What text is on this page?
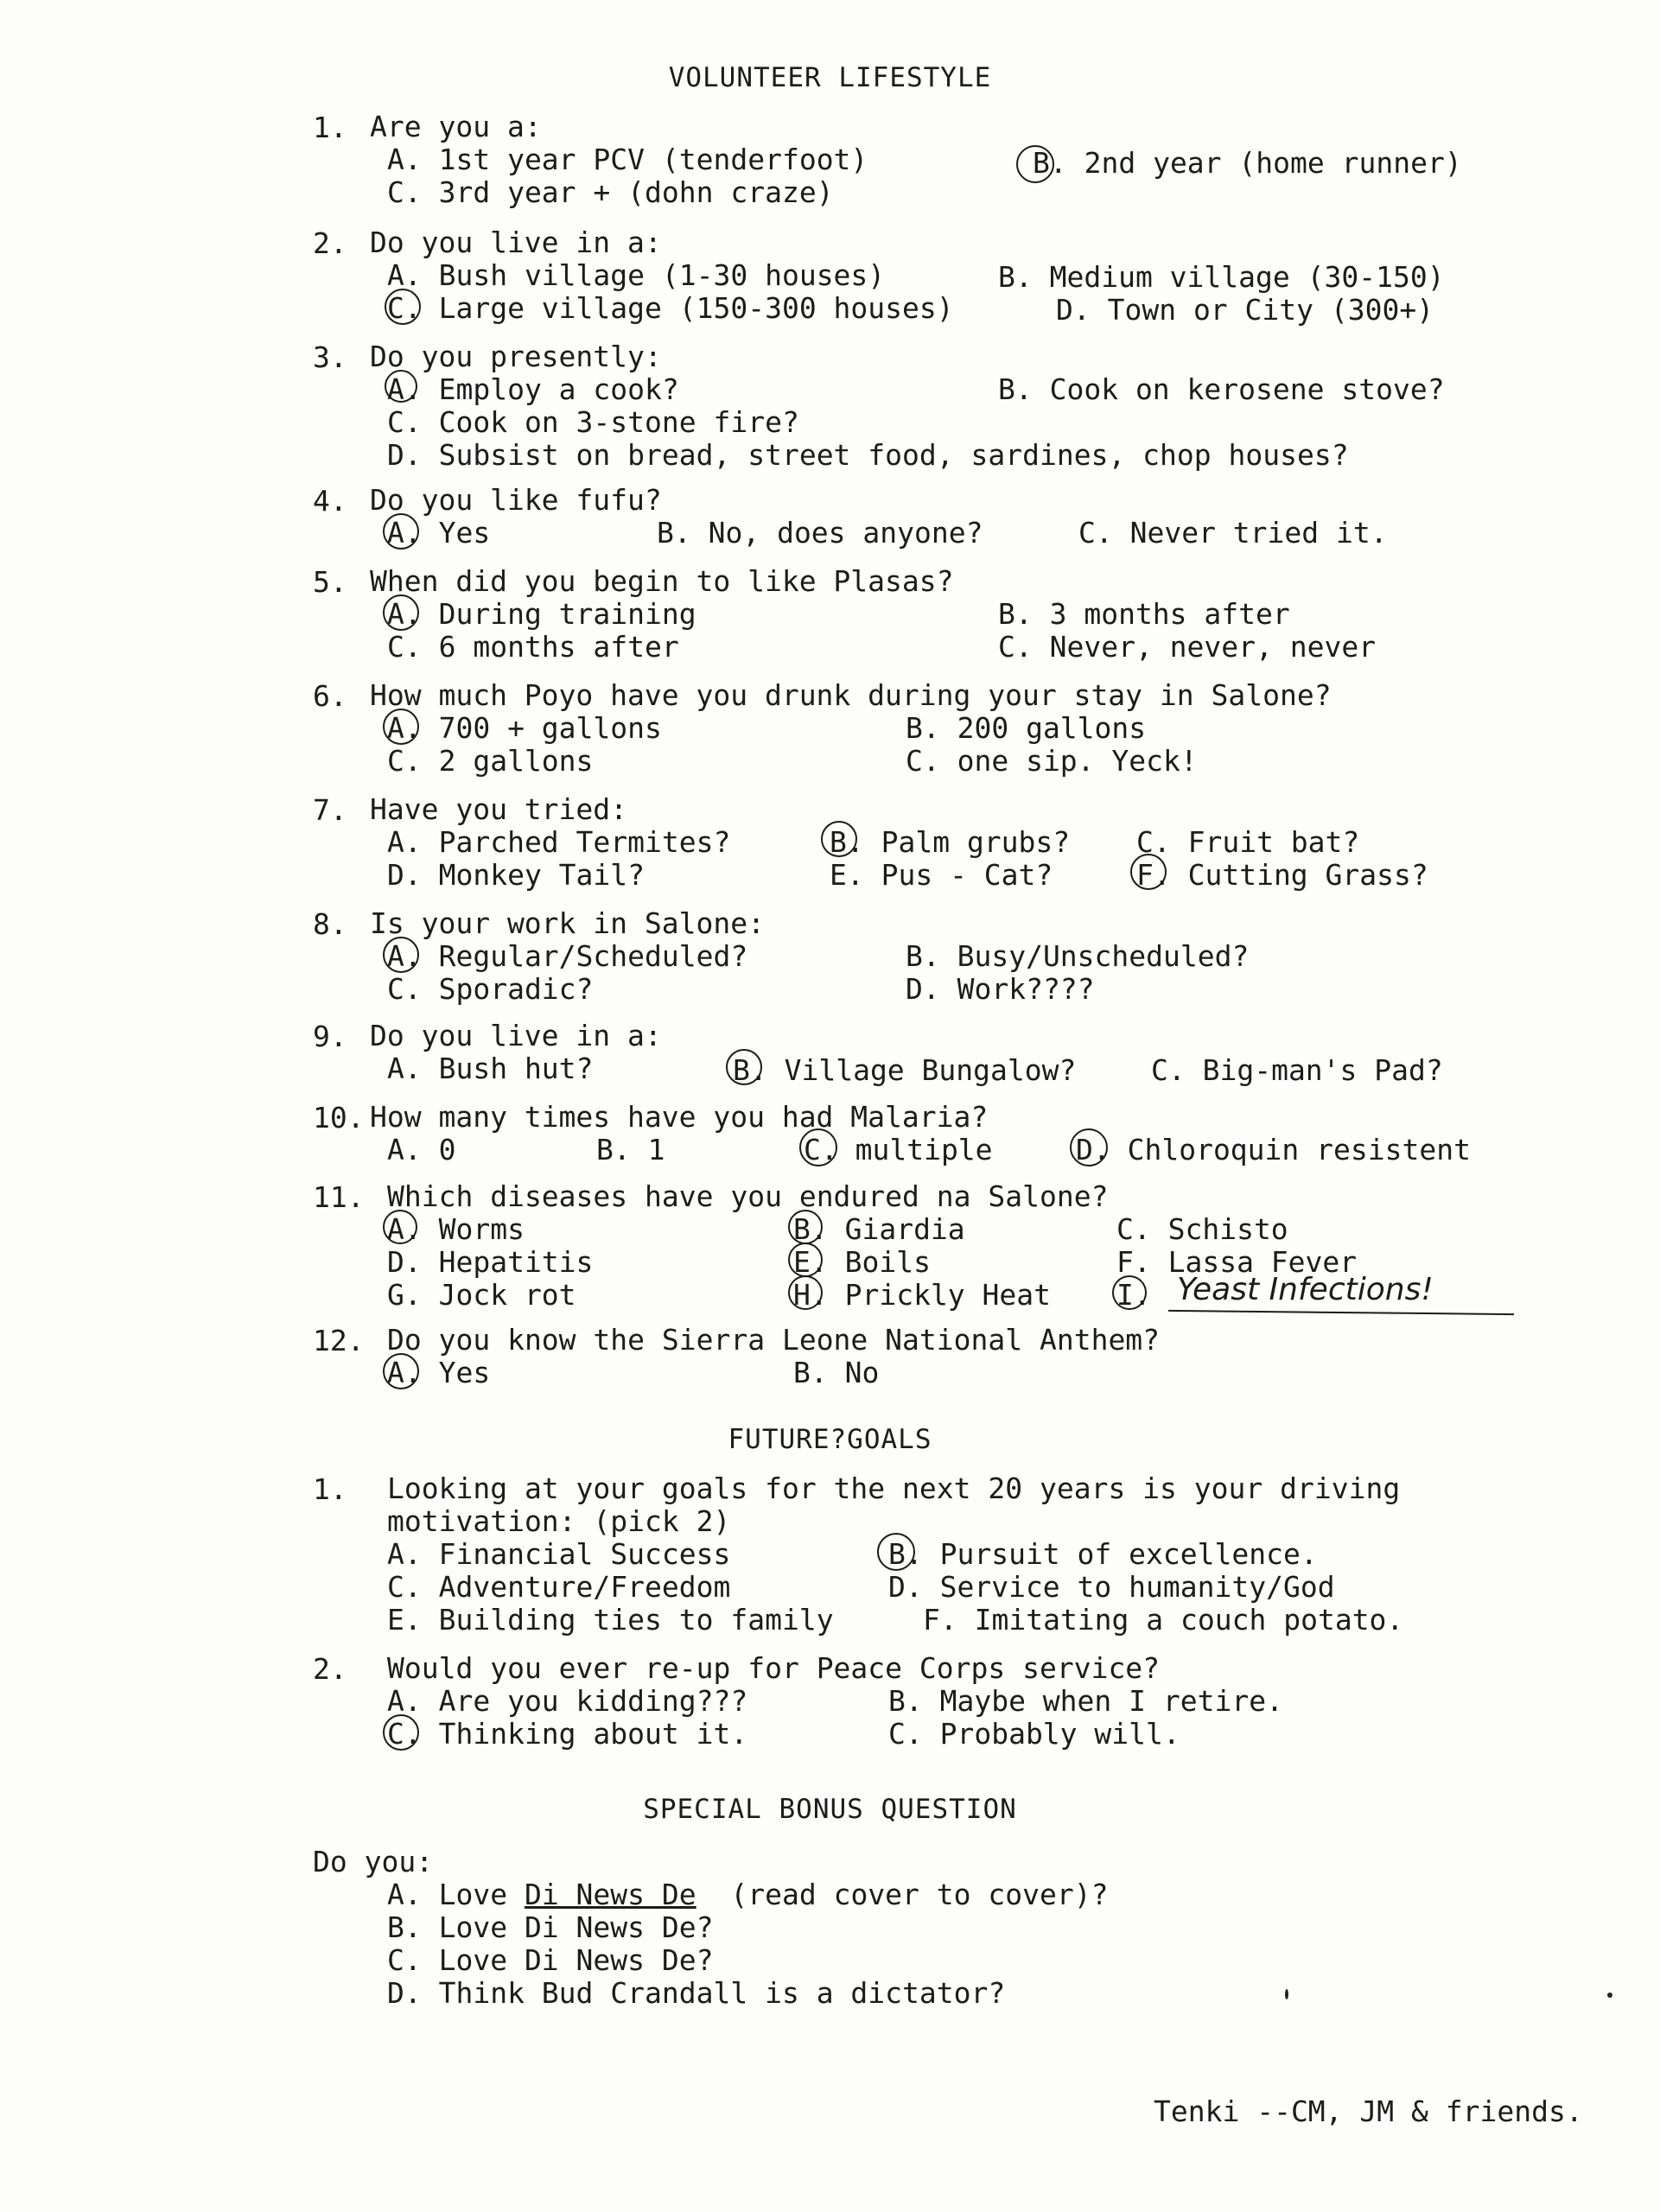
VOLUNTEER LIFESTYLE
1. Are you a:
A. 1st year PCV (tenderfoot)	B. 2nd year (home runner)
C. 3rd year + (dohn craze)
2. Do you live in a:
A. Bush village (1-30 houses)	B. Medium village (30-150)
C. Large village (150-300 houses)	D. Town or City (300+)
3. Do you presently:
A. Employ a cook?	B. Cook on kerosene stove?
C. Cook on 3-stone fire?
D. Subsist on bread, street food, sardines, chop houses?
4. Do you like fufu?
A. Yes	B. No, does anyone?	C. Never tried it.
5. When did you begin to like Plasas?
A. During training	B. 3 months after
C. 6 months after	C. Never, never, never
6. How much Poyo have you drunk during your stay in Salone?
A. 700 + gallons	B. 200 gallons
C. 2 gallons	C. one sip. Yeck!
7. Have you tried:
A. Parched Termites?	B. Palm grubs? C. Fruit bat?
D. Monkey Tail?	E. Pus - Cat?	F. Cutting Grass?
8. Is your work in Salone:
A. Regular/Scheduled?	B. Busy/Unscheduled?
C. Sporadic?	D. Work????
9. Do you live in a:
A. Bush hut?	B. Village Bungalow?	C. Big-man's Pad?
10. How many times have you had Malaria?
A. 0	B. 1	C. multiple	D. Chloroquin resistent
11. Which diseases have you endured na Salone?
A. Worms	B. Giardia	C. Schisto
D. Hepatitis	E. Boils	F. Lassa Fever
G. Jock rot	H. Prickly Heat I. Yeast Infections!
12. Do you know the Sierra Leone National Anthem?
A. Yes	B. No
FUTURE?GOALS
1. Looking at your goals for the next 20 years is your driving
motivation: (pick 2)
A. Financial Success	B. Pursuit of excellence.
C. Adventure/Freedom	D. Service to humanity/God
E. Building ties to family	F. Imitating a couch potato.
2. Would you ever re-up for Peace Corps service?
A. Are you kidding???	B. Maybe when I retire.
C. Thinking about it.	C. Probably will.
SPECIAL BONUS QUESTION
Do you:
A. Love Di News De  (read cover to cover)?
B. Love Di News De?
C. Love Di News De?
D. Think Bud Crandall is a dictator?
Tenki --CM, JM & friends.
